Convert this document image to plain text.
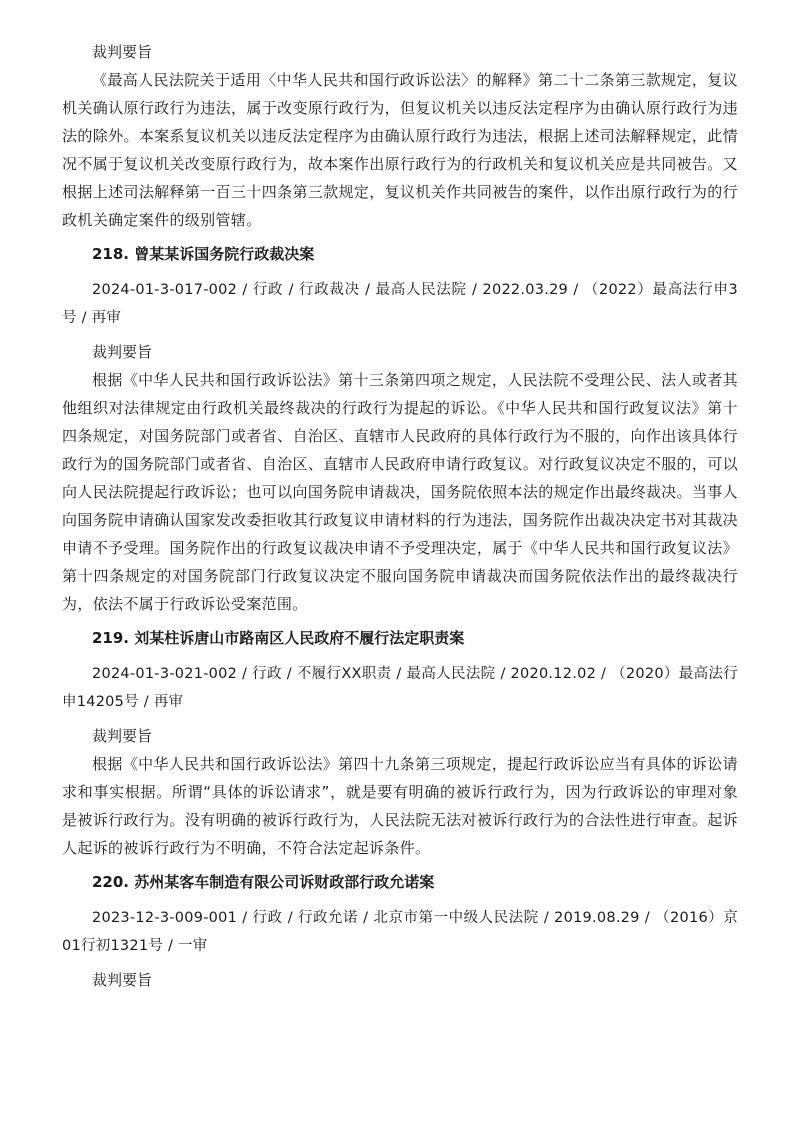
裁判要旨

《最高人民法院关于适用〈中华人民共和国行政诉讼法〉的解释》第二十二条第三款规定，复议机关确认原行政行为违法，属于改变原行政行为，但复议机关以违反法定程序为由确认原行政行为违法的除外。本案系复议机关以违反法定程序为由确认原行政行为违法，根据上述司法解释规定，此情况不属于复议机关改变原行政行为，故本案作出原行政行为的行政机关和复议机关应是共同被告。又根据上述司法解释第一百三十四条第三款规定，复议机关作共同被告的案件，以作出原行政行为的行政机关确定案件的级别管辖。

218. 曾某某诉国务院行政裁决案

2024-01-3-017-002 / 行政 / 行政裁决 / 最高人民法院 / 2022.03.29 / （2022）最高法行申3号 / 再审

裁判要旨

根据《中华人民共和国行政诉讼法》第十三条第四项之规定，人民法院不受理公民、法人或者其他组织对法律规定由行政机关最终裁决的行政行为提起的诉讼。《中华人民共和国行政复议法》第十四条规定，对国务院部门或者省、自治区、直辖市人民政府的具体行政行为不服的，向作出该具体行政行为的国务院部门或者省、自治区、直辖市人民政府申请行政复议。对行政复议决定不服的，可以向人民法院提起行政诉讼；也可以向国务院申请裁决，国务院依照本法的规定作出最终裁决。当事人向国务院申请确认国家发改委拒收其行政复议申请材料的行为违法，国务院作出裁决决定书对其裁决申请不予受理。国务院作出的行政复议裁决申请不予受理决定，属于《中华人民共和国行政复议法》第十四条规定的对国务院部门行政复议决定不服向国务院申请裁决而国务院依法作出的最终裁决行为，依法不属于行政诉讼受案范围。

219. 刘某柱诉唐山市路南区人民政府不履行法定职责案

2024-01-3-021-002 / 行政 / 不履行XX职责 / 最高人民法院 / 2020.12.02 / （2020）最高法行申14205号 / 再审

裁判要旨

根据《中华人民共和国行政诉讼法》第四十九条第三项规定，提起行政诉讼应当有具体的诉讼请求和事实根据。所谓“具体的诉讼请求”，就是要有明确的被诉行政行为，因为行政诉讼的审理对象是被诉行政行为。没有明确的被诉行政行为，人民法院无法对被诉行政行为的合法性进行审查。起诉人起诉的被诉行政行为不明确，不符合法定起诉条件。

220. 苏州某客车制造有限公司诉财政部行政允诺案

2023-12-3-009-001 / 行政 / 行政允诺 / 北京市第一中级人民法院 / 2019.08.29 / （2016）京01行初1321号 / 一审

裁判要旨
